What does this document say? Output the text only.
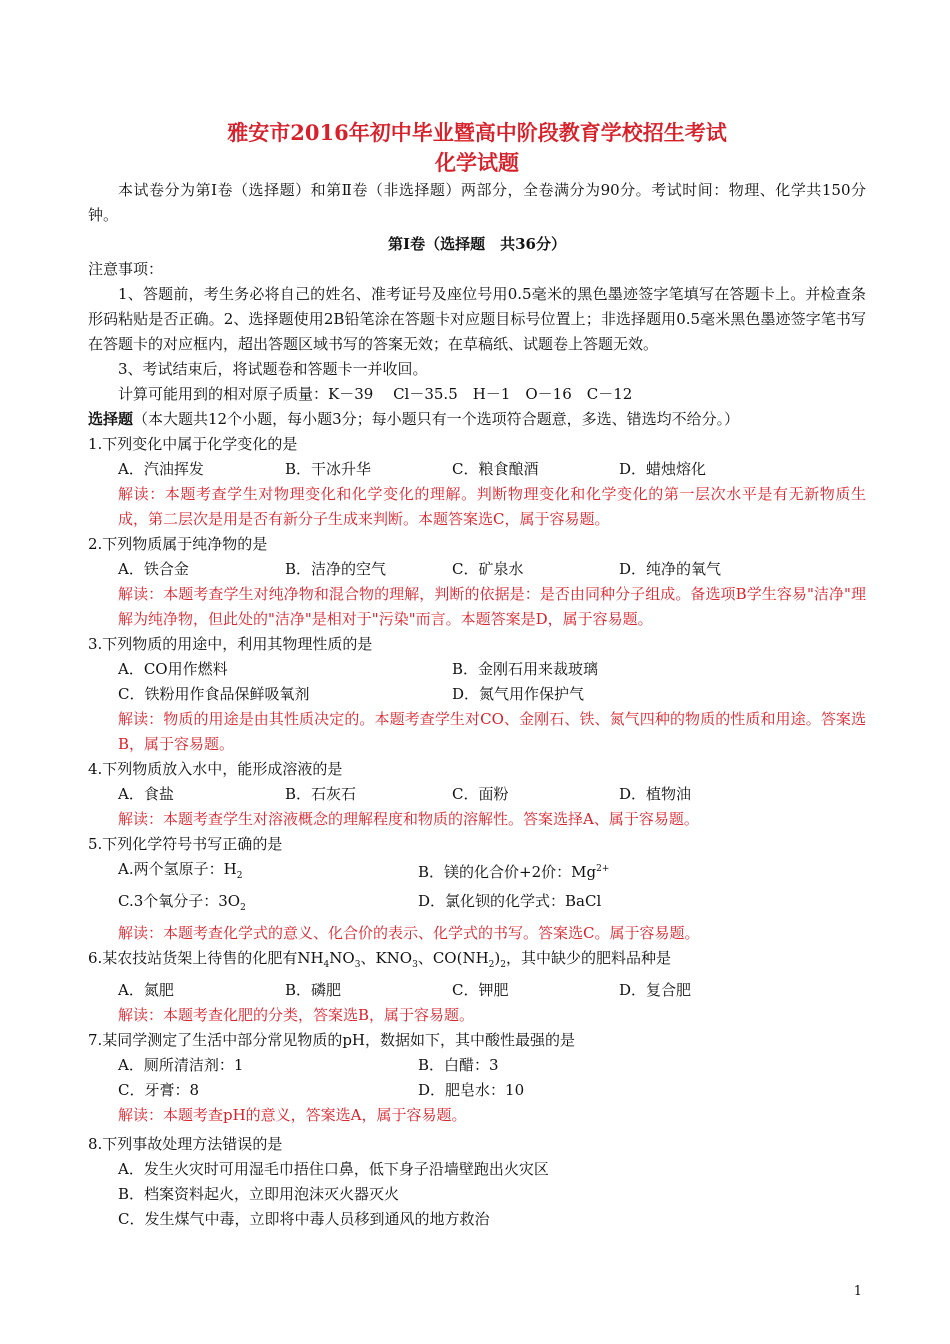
雅安市2016年初中毕业暨高中阶段教育学校招生考试
化学试题
本试卷分为第Ⅰ卷（选择题）和第Ⅱ卷（非选择题）两部分，全卷满分为90分。考试时间：物理、化学共150分钟。
第Ⅰ卷（选择题　共36分）
注意事项：
1、答题前，考生务必将自己的姓名、准考证号及座位号用0.5毫米的黑色墨迹签字笔填写在答题卡上。并检查条形码粘贴是否正确。2、选择题使用2B铅笔涂在答题卡对应题目标号位置上；非选择题用0.5毫米黑色墨迹签字笔书写在答题卡的对应框内，超出答题区域书写的答案无效；在草稿纸、试题卷上答题无效。
3、考试结束后，将试题卷和答题卡一并收回。
计算可能用到的相对原子质量：K－39　 Cl－35.5　H－1　O－16　C－12
选择题（本大题共12个小题，每小题3分；每小题只有一个选项符合题意，多选、错选均不给分。）
1.下列变化中属于化学变化的是
A．汽油挥发	B．干冰升华	C．粮食酿酒	D．蜡烛熔化
解读：本题考查学生对物理变化和化学变化的理解。判断物理变化和化学变化的第一层次水平是有无新物质生成，第二层次是用是否有新分子生成来判断。本题答案选C，属于容易题。
2.下列物质属于纯净物的是
A．铁合金	B．洁净的空气	C．矿泉水	D．纯净的氧气
解读：本题考查学生对纯净物和混合物的理解，判断的依据是：是否由同种分子组成。备选项B学生容易"洁净"理解为纯净物，但此处的"洁净"是相对于"污染"而言。本题答案是D，属于容易题。
3.下列物质的用途中，利用其物理性质的是
A．CO用作燃料	B．金刚石用来裁玻璃
C．铁粉用作食品保鲜吸氧剂	D．氮气用作保护气
解读：物质的用途是由其性质决定的。本题考查学生对CO、金刚石、铁、氮气四种的物质的性质和用途。答案选B，属于容易题。
4.下列物质放入水中，能形成溶液的是
A．食盐	B．石灰石	C．面粉	D．植物油
解读：本题考查学生对溶液概念的理解程度和物质的溶解性。答案选择A、属于容易题。
5.下列化学符号书写正确的是
A.两个氢原子：$H_2$	B．镁的化合价+2价：$Mg^{2+}$
C.3个氧分子：$3O_2$	D．氯化钡的化学式：BaCl
解读：本题考查化学式的意义、化合价的表示、化学式的书写。答案选C。属于容易题。
6.某农技站货架上待售的化肥有$NH_4NO_3$、$KNO_3$、$CO(NH_2)_2$，其中缺少的肥料品种是
A．氮肥	B．磷肥	C．钾肥	D．复合肥
解读：本题考查化肥的分类，答案选B，属于容易题。
7.某同学测定了生活中部分常见物质的pH，数据如下，其中酸性最强的是
A．厕所清洁剂：1	B．白醋：3
C．牙膏：8	D．肥皂水：10
解读：本题考查pH的意义，答案选A，属于容易题。
8.下列事故处理方法错误的是
A．发生火灾时可用湿毛巾捂住口鼻，低下身子沿墙壁跑出火灾区
B．档案资料起火，立即用泡沫灭火器灭火
C．发生煤气中毒，立即将中毒人员移到通风的地方救治
1
